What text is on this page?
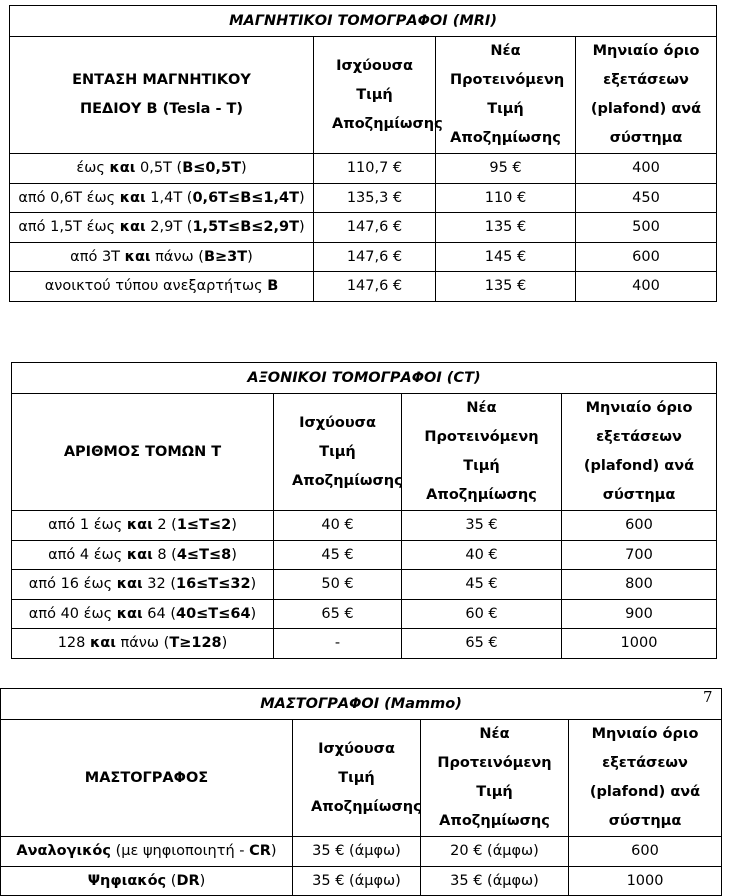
ΜΑΓΝΗΤΙΚΟΙ ΤΟΜΟΓΡΑΦΟΙ (MRI)			
ΕΝΤΑΣΗ ΜΑΓΝΗΤΙΚΟΥ ΠΕΔΙΟΥ Β (Tesla - T)	Ισχύουσα Τιμή Αποζημίωσης	Νέα Προτεινόμενη Τιμή Αποζημίωσης	Μηνιαίο όριο εξετάσεων (plafond) ανά σύστημα
έως και 0,5T (B≤0,5T)	110,7 €	95 €	400
από 0,6T έως και 1,4T (0,6T≤B≤1,4T)	135,3 €	110 €	450
από 1,5T έως και 2,9T (1,5T≤B≤2,9T)	147,6 €	135 €	500
από 3T και πάνω (B≥3T)	147,6 €	145 €	600
ανοικτού τύπου ανεξαρτήτως Β	147,6 €	135 €	400
ΑΞΟΝΙΚΟΙ ΤΟΜΟΓΡΑΦΟΙ (CT)			
ΑΡΙΘΜΟΣ ΤΟΜΩΝ Τ	Ισχύουσα Τιμή Αποζημίωσης	Νέα Προτεινόμενη Τιμή Αποζημίωσης	Μηνιαίο όριο εξετάσεων (plafond) ανά σύστημα
από 1 έως και 2 (1≤T≤2)	40 €	35 €	600
από 4 έως και 8 (4≤T≤8)	45 €	40 €	700
από 16 έως και 32 (16≤T≤32)	50 €	45 €	800
από 40 έως και 64 (40≤T≤64)	65 €	60 €	900
128 και πάνω (T≥128)	-	65 €	1000
ΜΑΣΤΟΓΡΑΦΟΙ (Mammo)			
ΜΑΣΤΟΓΡΑΦΟΣ	Ισχύουσα Τιμή Αποζημίωσης	Νέα Προτεινόμενη Τιμή Αποζημίωσης	Μηνιαίο όριο εξετάσεων (plafond) ανά σύστημα
Αναλογικός (με ψηφιοποιητή - CR)	35 € (άμφω)	20 € (άμφω)	600
Ψηφιακός (DR)	35 € (άμφω)	35 € (άμφω)	1000
7
